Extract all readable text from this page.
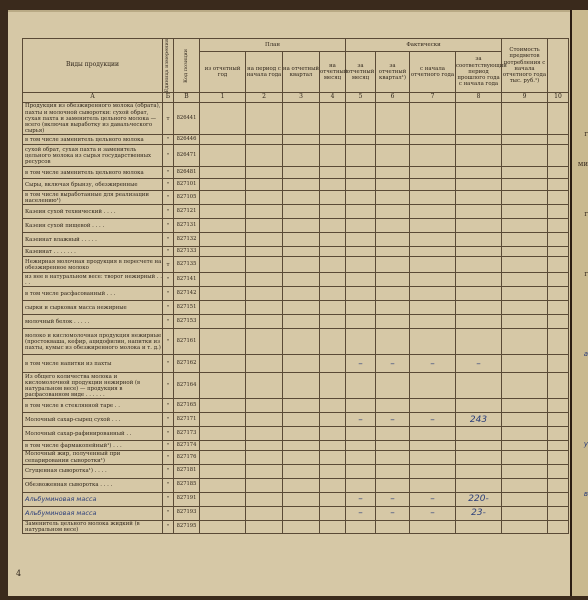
Виды продукции	Единица измерения	Код позиции	План				Фактически				Стоимость предметов потребления с начала отчетного года тыс. руб.¹)	
			из отчетный год	на период с начала года	на отчетный квартал	на отчетный месяц	за отчетный месяц	за отчетный квартал¹)	с начала отчетного года	за соответствующий период прошлого года с начала года		
А	Б	В	1	2	3	4	5	6	7	8	9	10
Продукция из обезжиренного молока (обрата), пахты и молочной сыворотки: сухой обрат, сухая пахта и заменитель цельного молока — всего (включая выработку из давальческого сырья)	т	826441										
в том числе заменитель цельного молока	"	826446										
сухой обрат, сухая пахта и заменитель цельного молока из сырья государственных ресурсов	"	826471										
в том числе заменитель цельного молока	"	826481										
Сыры, включая брынзу, обезжиренные	"	827101										
в том числе выработанные для реализации населению¹)	"	827105										
Казеин сухой технический . . . .	"	827121										
Казеин сухой пищевой . . . .	"	827131										
Казеинат влажный . . . . .	"	827132										
Казеинат . . . . . . .	"	827133										
Нежирная молочная продукция в пересчете на обезжиренное молоко	т	827135										
из нее в натуральном весе: творог нежирный . . . .	"	827141										
в том числе расфасованный . . .	"	827142										
сырки и сырковая масса нежирные	"	827151										
молочный белок . . . . .	"	827153										
молоко и кисломолочная продукция нежирные (простокваша, кефир, ацидофилин, напитки из пахты, кумыс из обезжиренного молока и т. д.)	"	827161										
в том числе напитки из пахты	"	827162					–	–	–	–		
Из общего количества молока и кисломолочной продукции нежирной (в натуральном весе) — продукция в расфасованном виде . . . . . .	"	827164										
в том числе в стеклянной таре . .	"	827165										
Молочный сахар-сырец сухой . . .	"	827171					–	–	–	243		
Молочный сахар-рафинированный . .	"	827173										
в том числе фармакопейный¹) . . .	"	827174										
Молочный жир, полученный при сепарировании сыворотки¹)	"	827176										
Сгущенная сыворотка¹) . . . .	"	827181										
Обезвоженная сыворотка . . . .	"	827185										
Альбуминовая масса	"	827191					–	–	–	220-		
Альбуминовая масса	"	827193					–	–	–	23-		
Заменитель цельного молока жидкий (в натуральном весе)	"	827195										
4
г
ми
г
г
а
у
в
